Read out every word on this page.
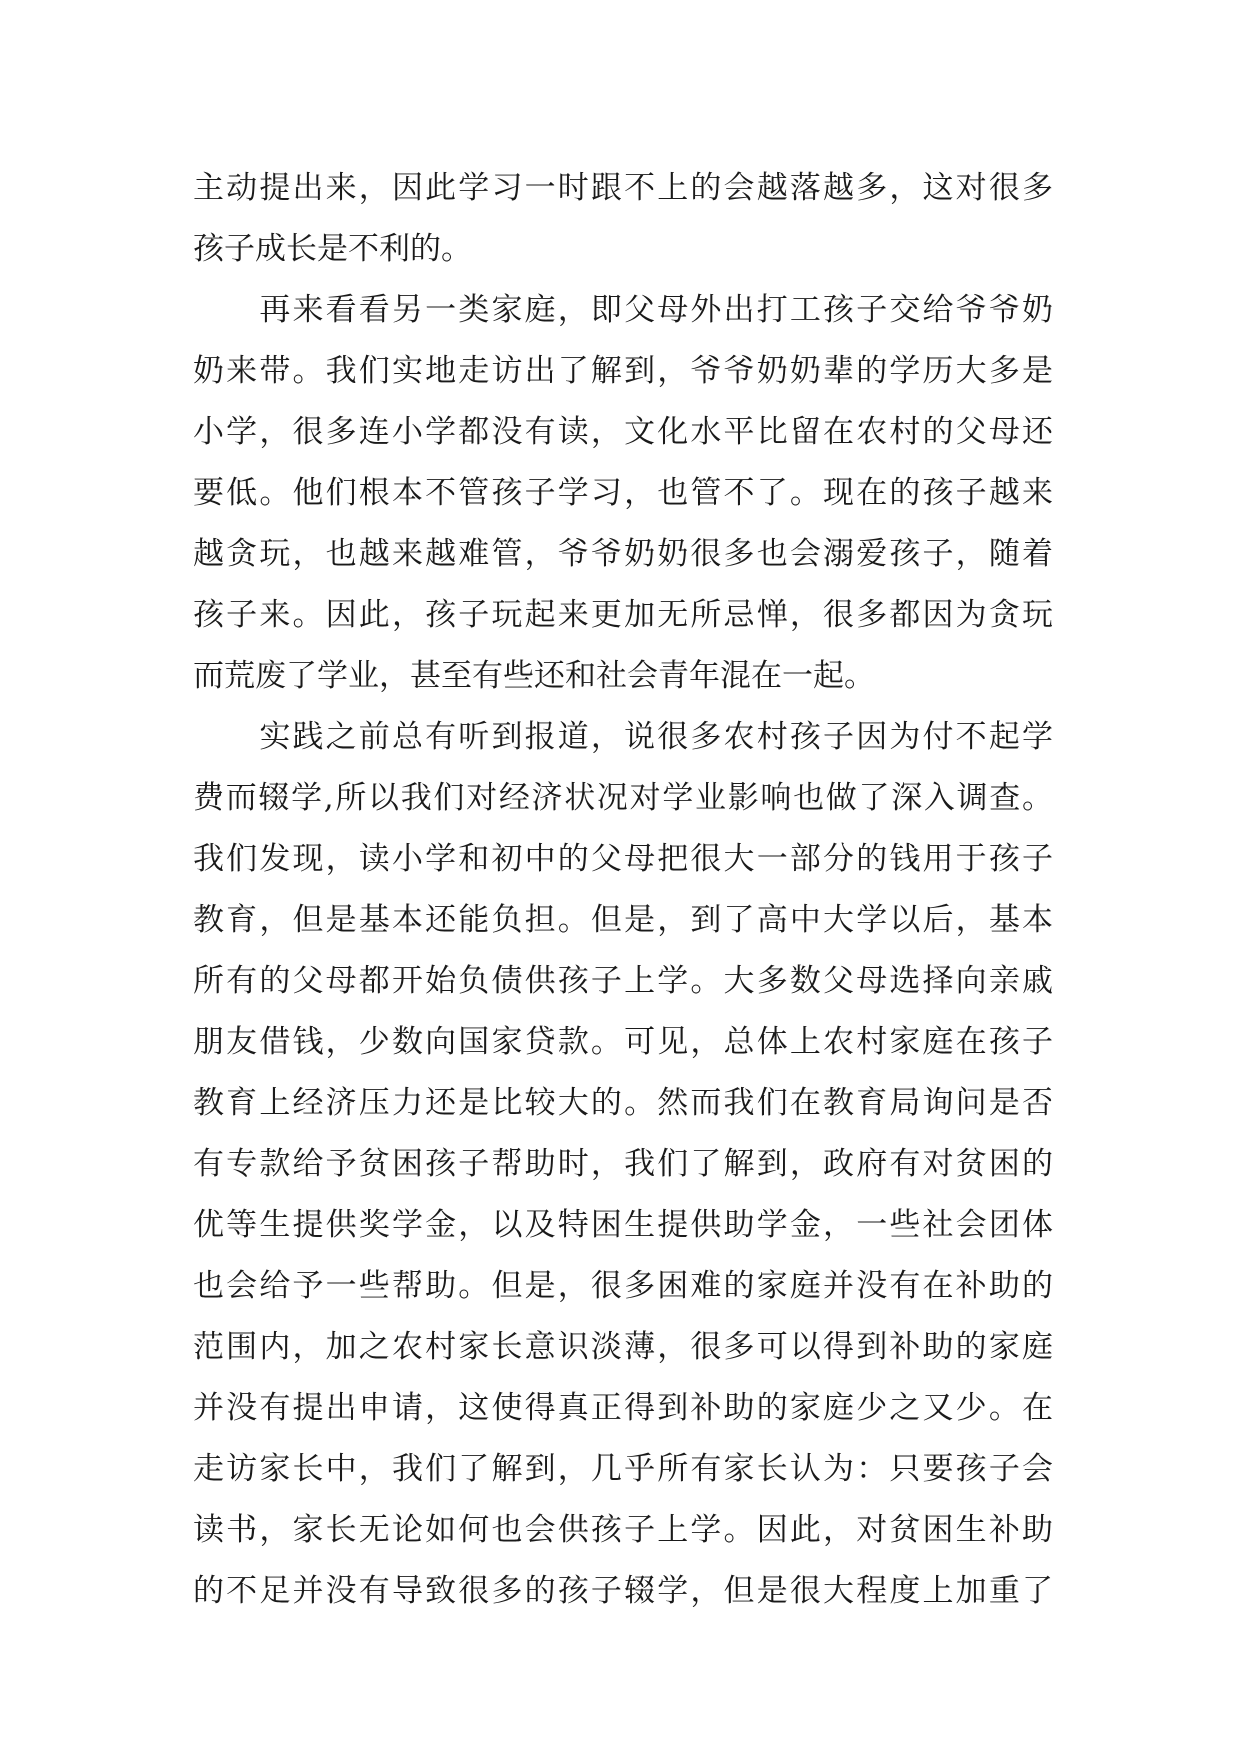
主动提出来，因此学习一时跟不上的会越落越多，这对很多
孩子成长是不利的。
　　再来看看另一类家庭，即父母外出打工孩子交给爷爷奶
奶来带。我们实地走访出了解到，爷爷奶奶辈的学历大多是
小学，很多连小学都没有读，文化水平比留在农村的父母还
要低。他们根本不管孩子学习，也管不了。现在的孩子越来
越贪玩，也越来越难管，爷爷奶奶很多也会溺爱孩子，随着
孩子来。因此，孩子玩起来更加无所忌惮，很多都因为贪玩
而荒废了学业，甚至有些还和社会青年混在一起。
　　实践之前总有听到报道，说很多农村孩子因为付不起学
费而辍学,所以我们对经济状况对学业影响也做了深入调查。
我们发现，读小学和初中的父母把很大一部分的钱用于孩子
教育，但是基本还能负担。但是，到了高中大学以后，基本
所有的父母都开始负债供孩子上学。大多数父母选择向亲戚
朋友借钱，少数向国家贷款。可见，总体上农村家庭在孩子
教育上经济压力还是比较大的。然而我们在教育局询问是否
有专款给予贫困孩子帮助时，我们了解到，政府有对贫困的
优等生提供奖学金，以及特困生提供助学金，一些社会团体
也会给予一些帮助。但是，很多困难的家庭并没有在补助的
范围内，加之农村家长意识淡薄，很多可以得到补助的家庭
并没有提出申请，这使得真正得到补助的家庭少之又少。在
走访家长中，我们了解到，几乎所有家长认为：只要孩子会
读书，家长无论如何也会供孩子上学。因此，对贫困生补助
的不足并没有导致很多的孩子辍学，但是很大程度上加重了
